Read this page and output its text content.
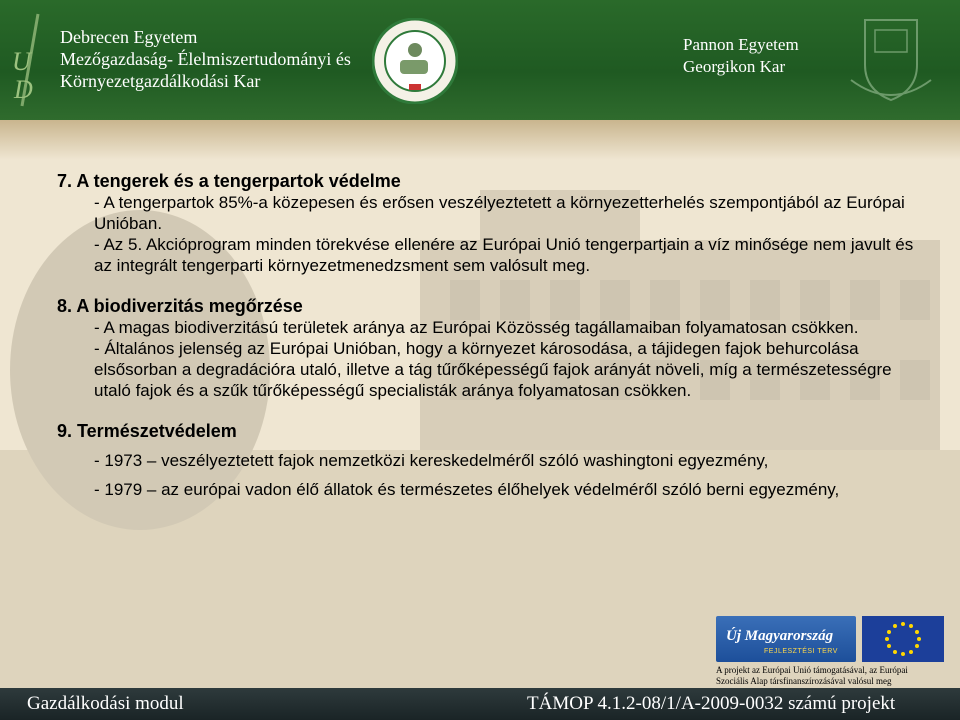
U
D
Debrecen Egyetem
Mezőgazdaság- Élelmiszertudományi és
Környezetgazdálkodási Kar
Pannon Egyetem
Georgikon Kar

7. A tengerek és a tengerpartok védelme

- A tengerpartok 85%-a közepesen és erősen veszélyeztetett a környezetterhelés szempontjából az Európai Unióban.

- Az 5. Akcióprogram minden törekvése ellenére az Európai Unió tengerpartjain a víz minősége nem javult és az integrált tengerparti környezetmenedzsment sem valósult meg.

8. A biodiverzitás megőrzése

- A magas biodiverzitású területek aránya az Európai Közösség tagállamaiban folyamatosan csökken.

- Általános jelenség az Európai Unióban, hogy a környezet károsodása, a tájidegen fajok behurcolása elsősorban a degradációra utaló, illetve a tág tűrőképességű fajok arányát növeli, míg a természetességre utaló fajok és a szűk tűrőképességű specialisták aránya folyamatosan csökken.

9. Természetvédelem

- 1973 – veszélyeztetett fajok nemzetközi kereskedelméről szóló washingtoni egyezmény,

- 1979 – az európai vadon élő állatok és természetes élőhelyek védelméről szóló berni egyezmény,

Új Magyarország
FEJLESZTÉSI TERV
A projekt az Európai Unió támogatásával, az Európai
Szociális Alap társfinanszírozásával valósul meg
Gazdálkodási modul	TÁMOP 4.1.2-08/1/A-2009-0032 számú projekt
